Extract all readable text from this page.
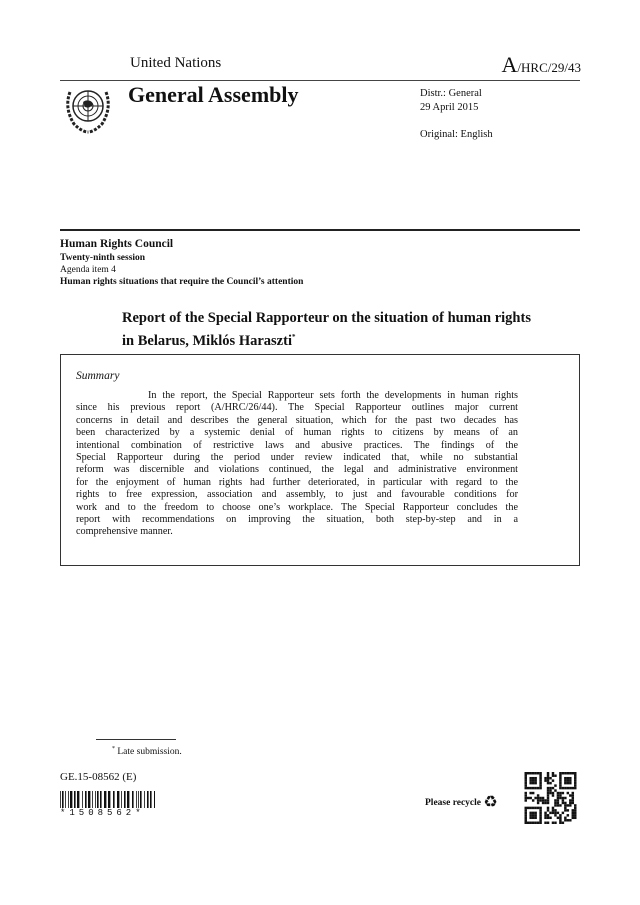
United Nations	A/HRC/29/43
General Assembly	Distr.: General
29 April 2015
Original: English
Human Rights Council
Twenty-ninth session
Agenda item 4
Human rights situations that require the Council’s attention
Report of the Special Rapporteur on the situation of human rights in Belarus, Miklós Haraszti*
Summary
In the report, the Special Rapporteur sets forth the developments in human rights
since his previous report (A/HRC/26/44). The Special Rapporteur outlines major current
concerns in detail and describes the general situation, which for the past two decades has
been characterized by a systemic denial of human rights to citizens by means of an
intentional combination of restrictive laws and abusive practices. The findings of the
Special Rapporteur during the period under review indicated that, while no substantial
reform was discernible and violations continued, the legal and administrative environment
for the enjoyment of human rights had further deteriorated, in particular with regard to the
rights to free expression, association and assembly, to just and favourable conditions for
work and to the freedom to choose one’s workplace. The Special Rapporteur concludes the
report with recommendations on improving the situation, both step-by-step and in a
comprehensive manner.
* Late submission.
GE.15-08562 (E)
*1508562*
Please recycle ♻
